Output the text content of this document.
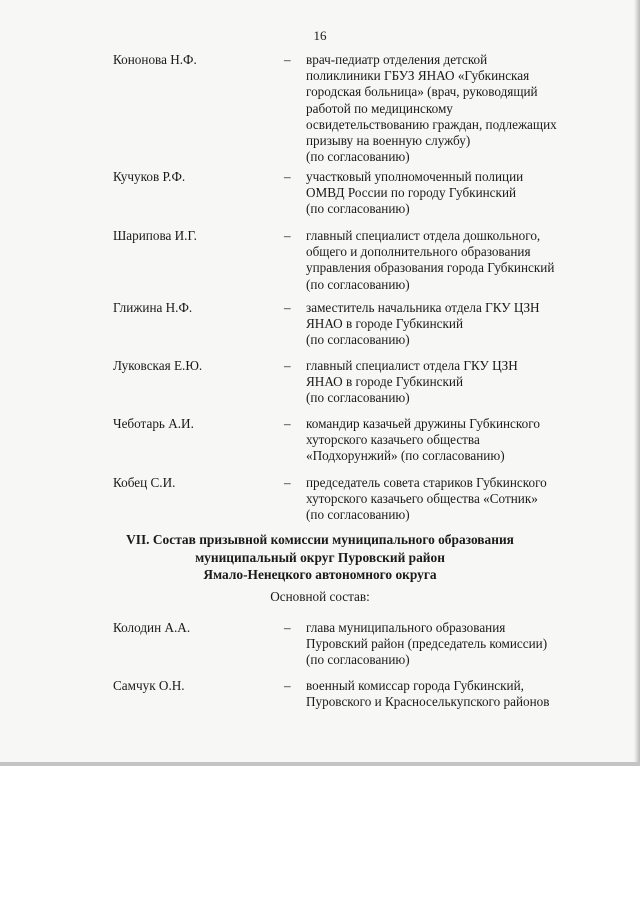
16
Кононова Н.Ф.	– врач-педиатр отделения детской
поликлиники ГБУЗ ЯНАО «Губкинская
городская больница» (врач, руководящий
работой по медицинскому
освидетельствованию граждан, подлежащих
призыву на военную службу)
(по согласованию)
Кучуков Р.Ф.	– участковый уполномоченный полиции
ОМВД России по городу Губкинский
(по согласованию)
Шарипова И.Г.	– главный специалист отдела дошкольного,
общего и дополнительного образования
управления образования города Губкинский
(по согласованию)
Глижина Н.Ф.	– заместитель начальника отдела ГКУ ЦЗН
ЯНАО в городе Губкинский
(по согласованию)
Луковская Е.Ю.	– главный специалист отдела ГКУ ЦЗН
ЯНАО в городе Губкинский
(по согласованию)
Чеботарь А.И.	– командир казачьей дружины Губкинского
хуторского казачьего общества
«Подхорунжий» (по согласованию)
Кобец С.И.	– председатель совета стариков Губкинского
хуторского казачьего общества «Сотник»
(по согласованию)
VII. Состав призывной комиссии муниципального образования
муниципальный округ Пуровский район
Ямало-Ненецкого автономного округа
Основной состав:
Колодин А.А.	– глава муниципального образования
Пуровский район (председатель комиссии)
(по согласованию)
Самчук О.Н.	– военный комиссар города Губкинский,
Пуровского и Красноселькупского районов
